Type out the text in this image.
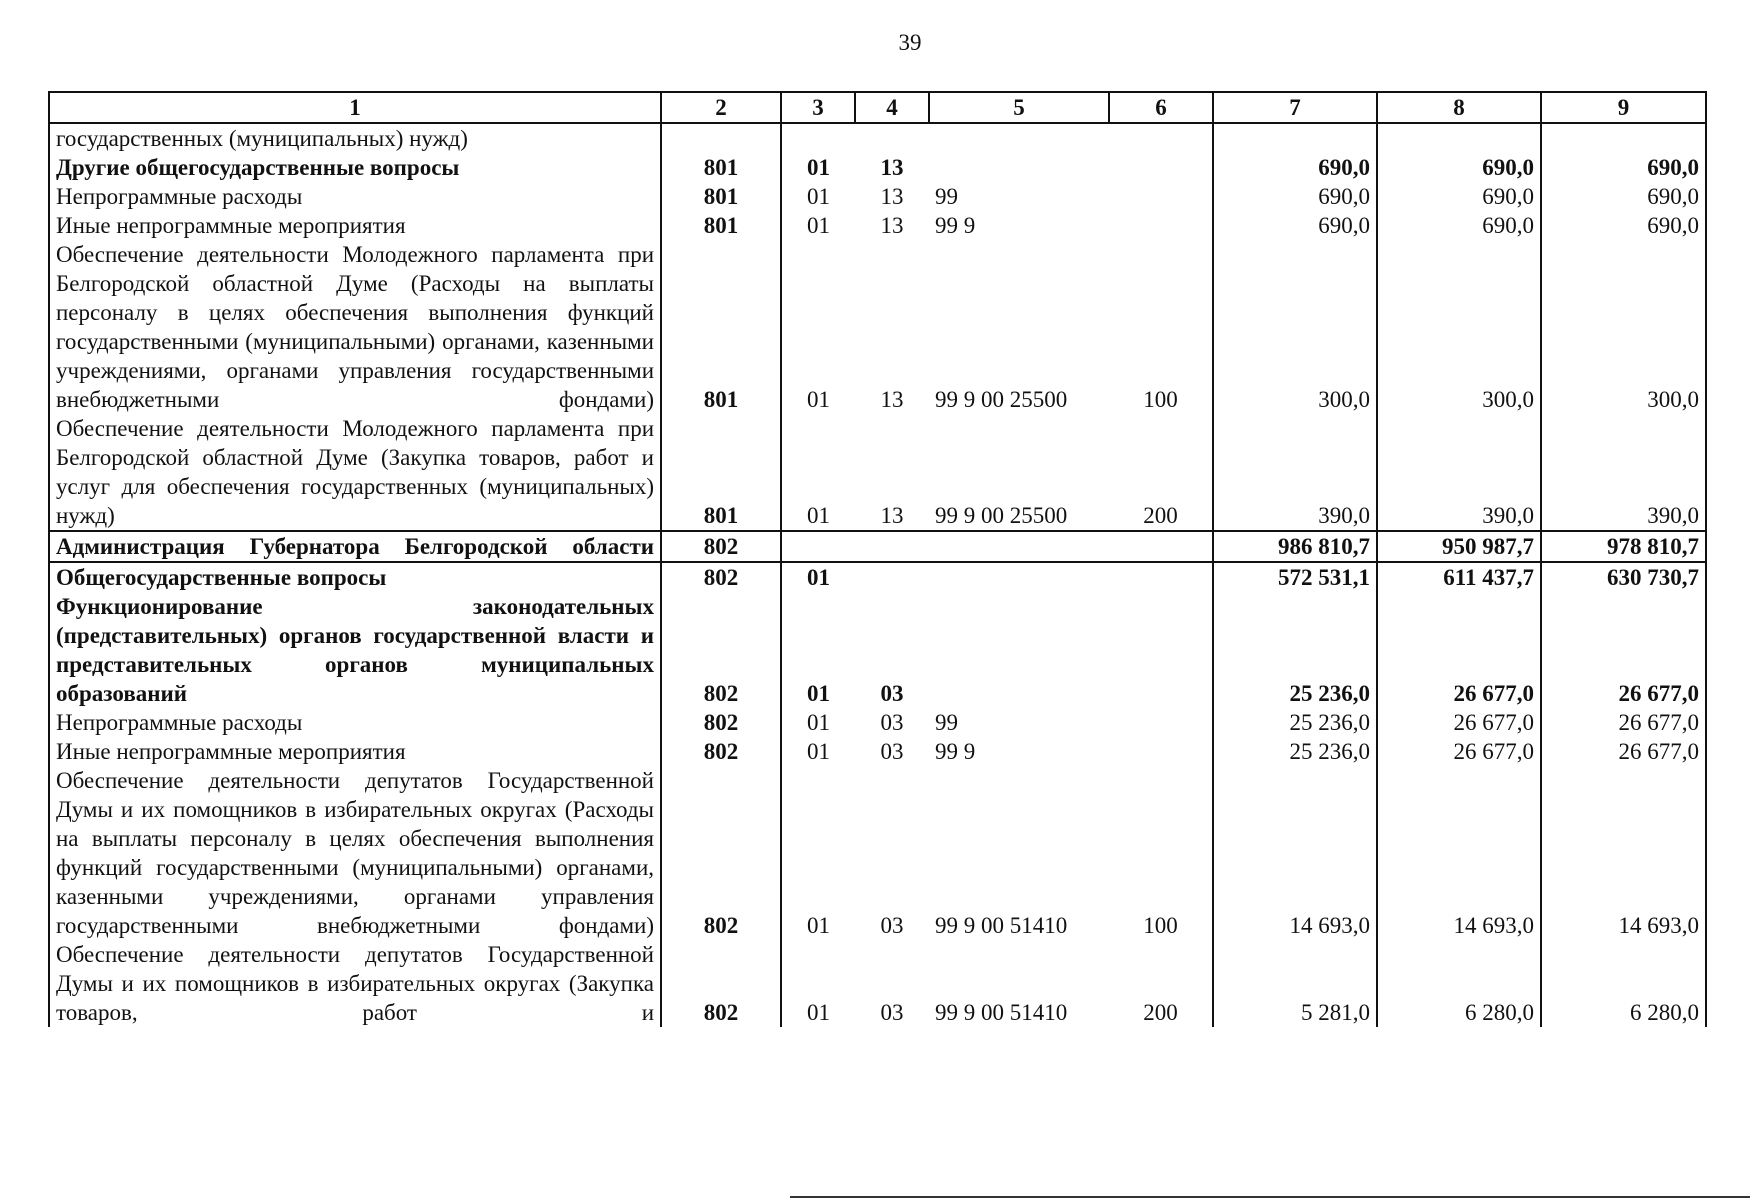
39
1	2	3	4	5	6	7	8	9
государственных (муниципальных) нужд)								
Другие общегосударственные вопросы	801	01	13			690,0	690,0	690,0
Непрограммные расходы	801	01	13	99		690,0	690,0	690,0
Иные непрограммные мероприятия	801	01	13	99 9		690,0	690,0	690,0
Обеспечение деятельности Молодежного парламента при Белгородской областной Думе (Расходы на выплаты персоналу в целях обеспечения выполнения функций государственными (муниципальными) органами, казенными учреждениями, органами управления государственными внебюджетными фондами)	801	01	13	99 9 00 25500	100	300,0	300,0	300,0
Обеспечение деятельности Молодежного парламента при Белгородской областной Думе (Закупка товаров, работ и услуг для обеспечения государственных (муниципальных) нужд)	801	01	13	99 9 00 25500	200	390,0	390,0	390,0
Администрация Губернатора Белгородской области	802					986 810,7	950 987,7	978 810,7
Общегосударственные вопросы	802	01				572 531,1	611 437,7	630 730,7
Функционирование законодательных (представительных) органов государственной власти и представительных органов муниципальных образований	802	01	03			25 236,0	26 677,0	26 677,0
Непрограммные расходы	802	01	03	99		25 236,0	26 677,0	26 677,0
Иные непрограммные мероприятия	802	01	03	99 9		25 236,0	26 677,0	26 677,0
Обеспечение деятельности депутатов Государственной Думы и их помощников в избирательных округах (Расходы на выплаты персоналу в целях обеспечения выполнения функций государственными (муниципальными) органами, казенными учреждениями, органами управления государственными внебюджетными фондами)	802	01	03	99 9 00 51410	100	14 693,0	14 693,0	14 693,0
Обеспечение деятельности депутатов Государственной Думы и их помощников в избирательных округах (Закупка товаров, работ и	802	01	03	99 9 00 51410	200	5 281,0	6 280,0	6 280,0
